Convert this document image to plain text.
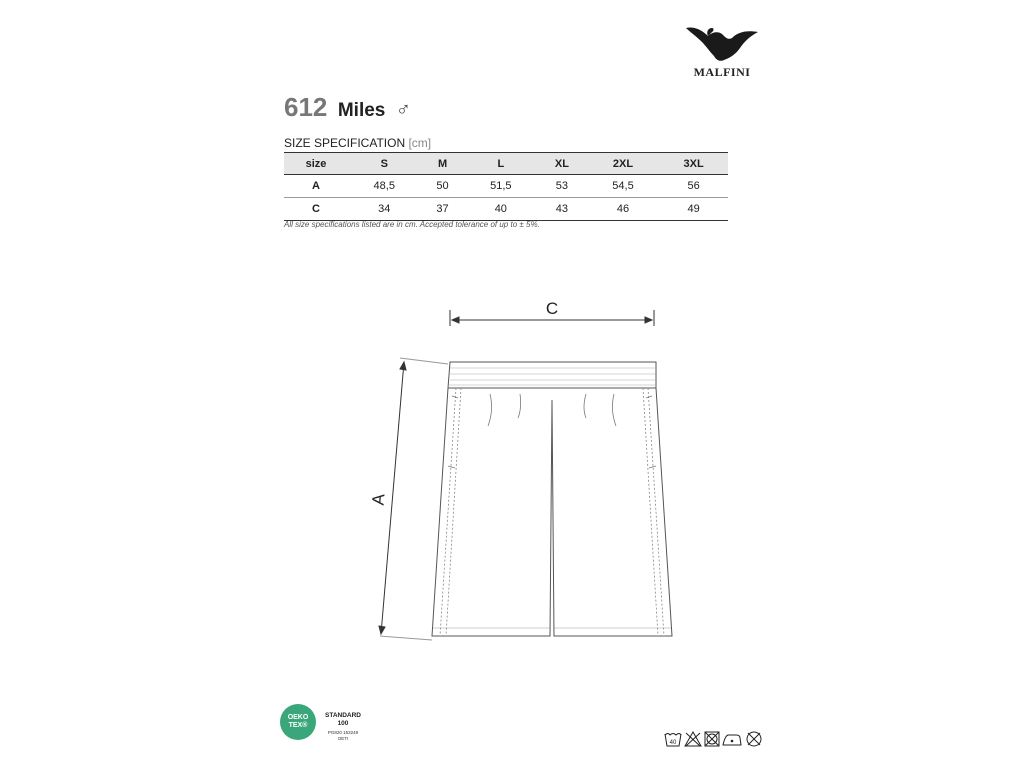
MALFINI
612 Miles ♂
SIZE SPECIFICATION [cm]
size	S	M	L	XL	2XL	3XL
A	48,5	50	51,5	53	54,5	56
C	34	37	40	43	46	49
All size specifications listed are in cm. Accepted tolerance of up to ± 5%.
C
A
OEKO
TEX®
STANDARD
100
PG820 153249
OETI
40
